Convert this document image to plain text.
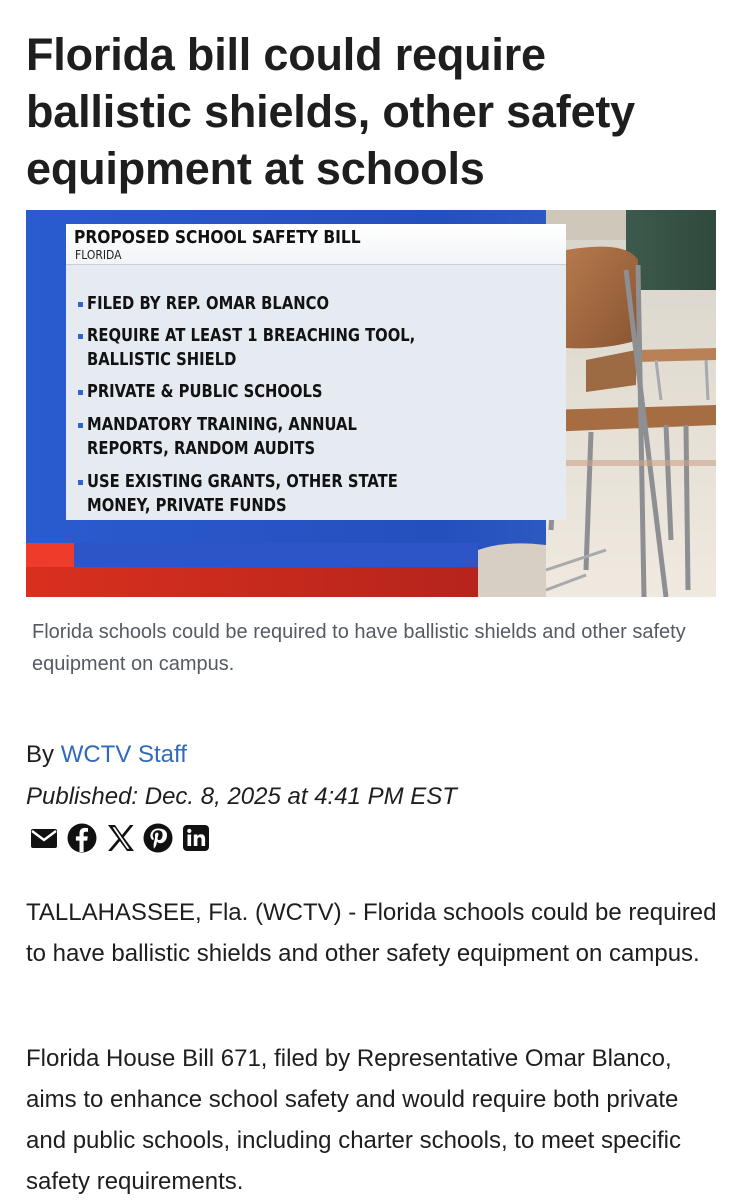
Florida bill could require ballistic shields, other safety equipment at schools
PROPOSED SCHOOL SAFETY BILL
FLORIDA
FILED BY REP. OMAR BLANCO
REQUIRE AT LEAST 1 BREACHING TOOL, BALLISTIC SHIELD
PRIVATE & PUBLIC SCHOOLS
MANDATORY TRAINING, ANNUAL REPORTS, RANDOM AUDITS
USE EXISTING GRANTS, OTHER STATE MONEY, PRIVATE FUNDS

Florida schools could be required to have ballistic shields and other safety equipment on campus.

By WCTV Staff
Published: Dec. 8, 2025 at 4:41 PM EST

TALLAHASSEE, Fla. (WCTV) - Florida schools could be required to have ballistic shields and other safety equipment on campus.

Florida House Bill 671, filed by Representative Omar Blanco, aims to enhance school safety and would require both private and public schools, including charter schools, to meet specific safety requirements.
